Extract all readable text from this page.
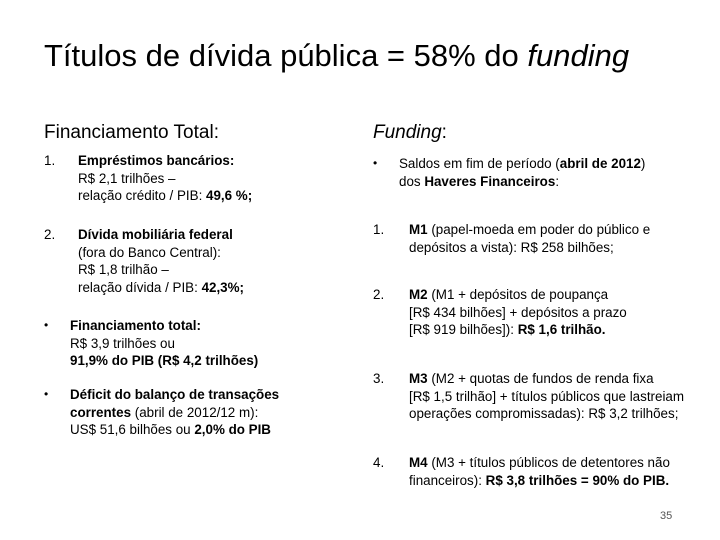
Títulos de dívida pública = 58% do funding
Financiamento Total:
1. Empréstimos bancários:
R$ 2,1 trilhões –
relação crédito / PIB: 49,6 %;
2. Dívida mobiliária federal
(fora do Banco Central):
R$ 1,8 trilhão –
relação dívida / PIB: 42,3%;
• Financiamento total:
R$ 3,9 trilhões ou
91,9% do PIB (R$ 4,2 trilhões)
• Déficit do balanço de transações
correntes (abril de 2012/12 m):
US$ 51,6 bilhões ou 2,0% do PIB
Funding:
• Saldos em fim de período (abril de 2012)
dos Haveres Financeiros:
1. M1 (papel-moeda em poder do público e
depósitos a vista): R$ 258 bilhões;
2. M2 (M1 + depósitos de poupança
[R$ 434 bilhões] + depósitos a prazo
[R$ 919 bilhões]): R$ 1,6 trilhão.
3. M3 (M2 + quotas de fundos de renda fixa
[R$ 1,5 trilhão] + títulos públicos que lastreiam
operações compromissadas): R$ 3,2 trilhões;
4. M4 (M3 + títulos públicos de detentores não
financeiros): R$ 3,8 trilhões = 90% do PIB.
35
